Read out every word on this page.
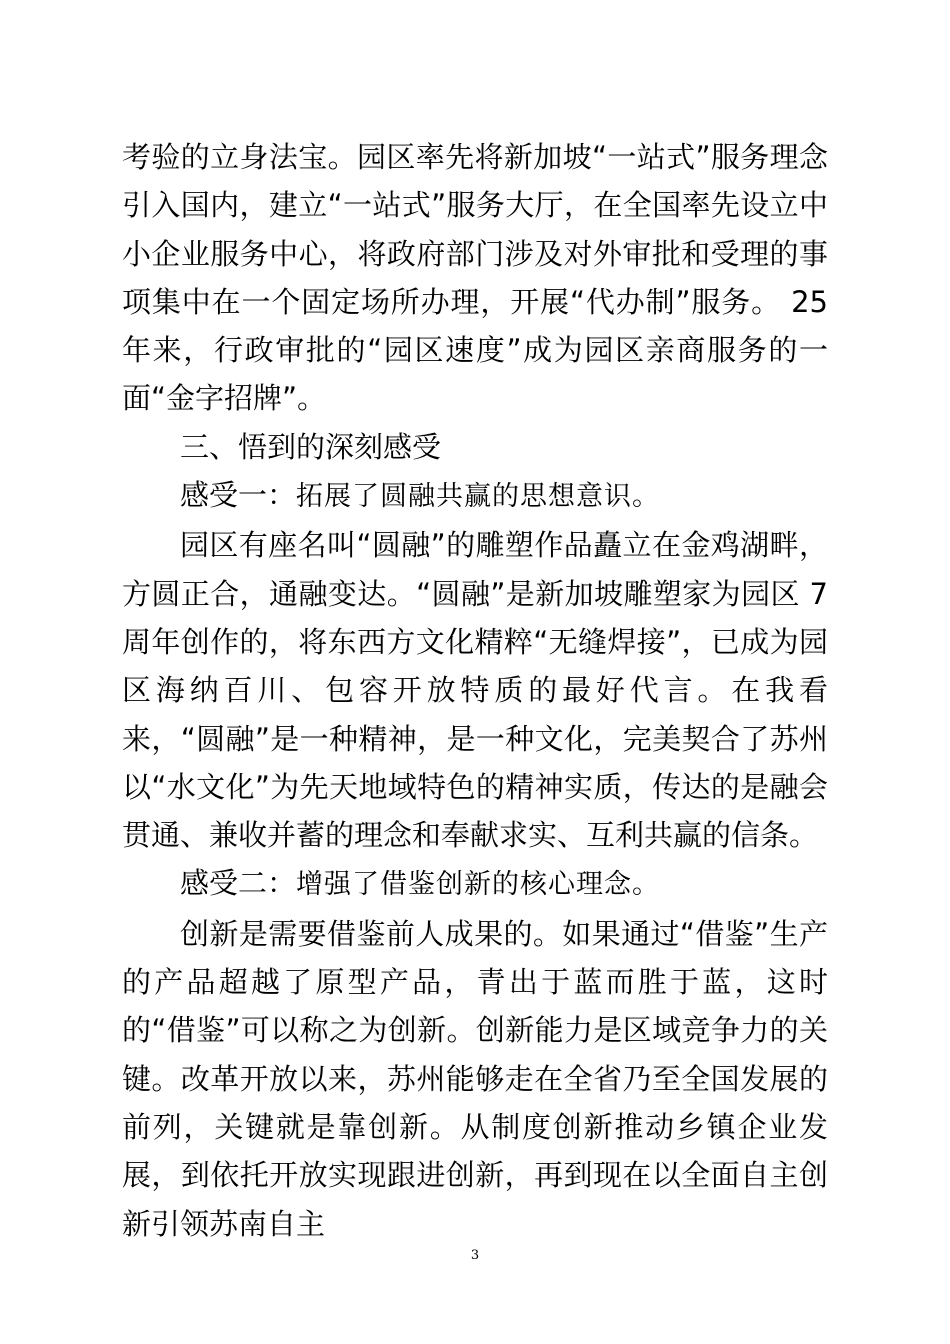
考验的立身法宝。园区率先将新加坡“一站式”服务理念引入国内，建立“一站式”服务大厅，在全国率先设立中小企业服务中心，将政府部门涉及对外审批和受理的事项集中在一个固定场所办理，开展“代办制”服务。 25 年来，行政审批的“园区速度”成为园区亲商服务的一面“金字招牌”。

三、悟到的深刻感受

感受一：拓展了圆融共赢的思想意识。

园区有座名叫“圆融”的雕塑作品矗立在金鸡湖畔，方圆正合，通融变达。“圆融”是新加坡雕塑家为园区 7 周年创作的，将东西方文化精粹“无缝焊接”，已成为园区海纳百川、包容开放特质的最好代言。在我看来，“圆融”是一种精神，是一种文化，完美契合了苏州以“水文化”为先天地域特色的精神实质，传达的是融会贯通、兼收并蓄的理念和奉献求实、互利共赢的信条。

感受二：增强了借鉴创新的核心理念。

创新是需要借鉴前人成果的。如果通过“借鉴”生产的产品超越了原型产品，青出于蓝而胜于蓝，这时的“借鉴”可以称之为创新。创新能力是区域竞争力的关键。改革开放以来，苏州能够走在全省乃至全国发展的前列，关键就是靠创新。从制度创新推动乡镇企业发展，到依托开放实现跟进创新，再到现在以全面自主创新引领苏南自主

3
